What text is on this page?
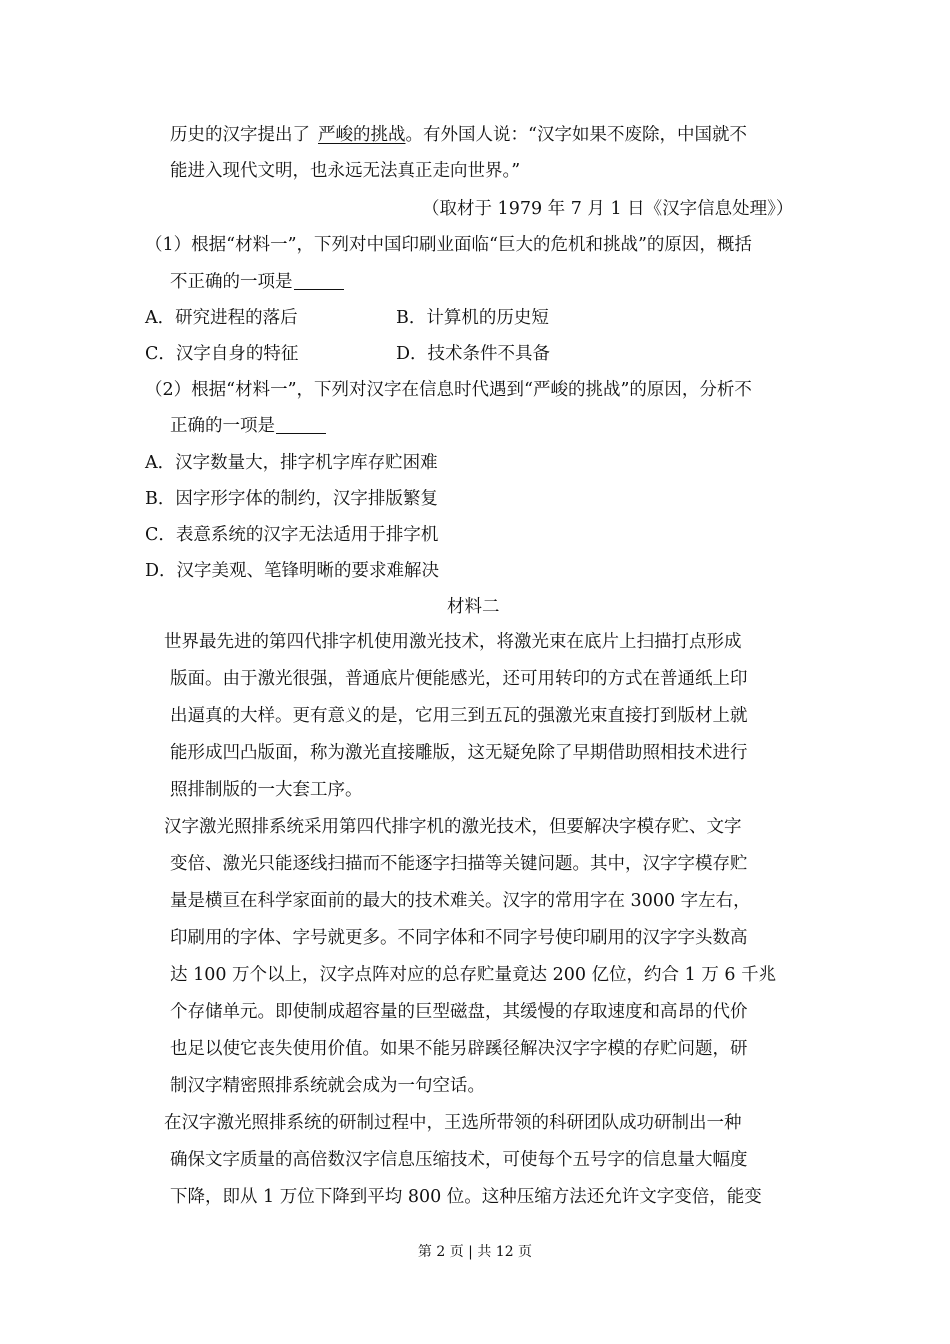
历史的汉字提出了 严峻的挑战。有外国人说：“汉字如果不废除，中国就不
能进入现代文明，也永远无法真正走向世界。”
（取材于 1979 年 7 月 1 日《汉字信息处理》）
（1）根据“材料一”，下列对中国印刷业面临“巨大的危机和挑战”的原因，概括
不正确的一项是
A．研究进程的落后	B．计算机的历史短
C．汉字自身的特征	D．技术条件不具备
（2）根据“材料一”，下列对汉字在信息时代遇到“严峻的挑战”的原因，分析不
正确的一项是
A．汉字数量大，排字机字库存贮困难
B．因字形字体的制约，汉字排版繁复
C．表意系统的汉字无法适用于排字机
D．汉字美观、笔锋明晰的要求难解决
材料二
世界最先进的第四代排字机使用激光技术，将激光束在底片上扫描打点形成
版面。由于激光很强，普通底片便能感光，还可用转印的方式在普通纸上印
出逼真的大样。更有意义的是，它用三到五瓦的强激光束直接打到版材上就
能形成凹凸版面，称为激光直接雕版，这无疑免除了早期借助照相技术进行
照排制版的一大套工序。
汉字激光照排系统采用第四代排字机的激光技术，但要解决字模存贮、文字
变倍、激光只能逐线扫描而不能逐字扫描等关键问题。其中，汉字字模存贮
量是横亘在科学家面前的最大的技术难关。汉字的常用字在 3000 字左右，
印刷用的字体、字号就更多。不同字体和不同字号使印刷用的汉字字头数高
达 100 万个以上，汉字点阵对应的总存贮量竟达 200 亿位，约合 1 万 6 千兆
个存储单元。即使制成超容量的巨型磁盘，其缓慢的存取速度和高昂的代价
也足以使它丧失使用价值。如果不能另辟蹊径解决汉字字模的存贮问题，研
制汉字精密照排系统就会成为一句空话。
在汉字激光照排系统的研制过程中，王选所带领的科研团队成功研制出一种
确保文字质量的高倍数汉字信息压缩技术，可使每个五号字的信息量大幅度
下降，即从 1 万位下降到平均 800 位。这种压缩方法还允许文字变倍，能变
第 2 页 | 共 12 页
